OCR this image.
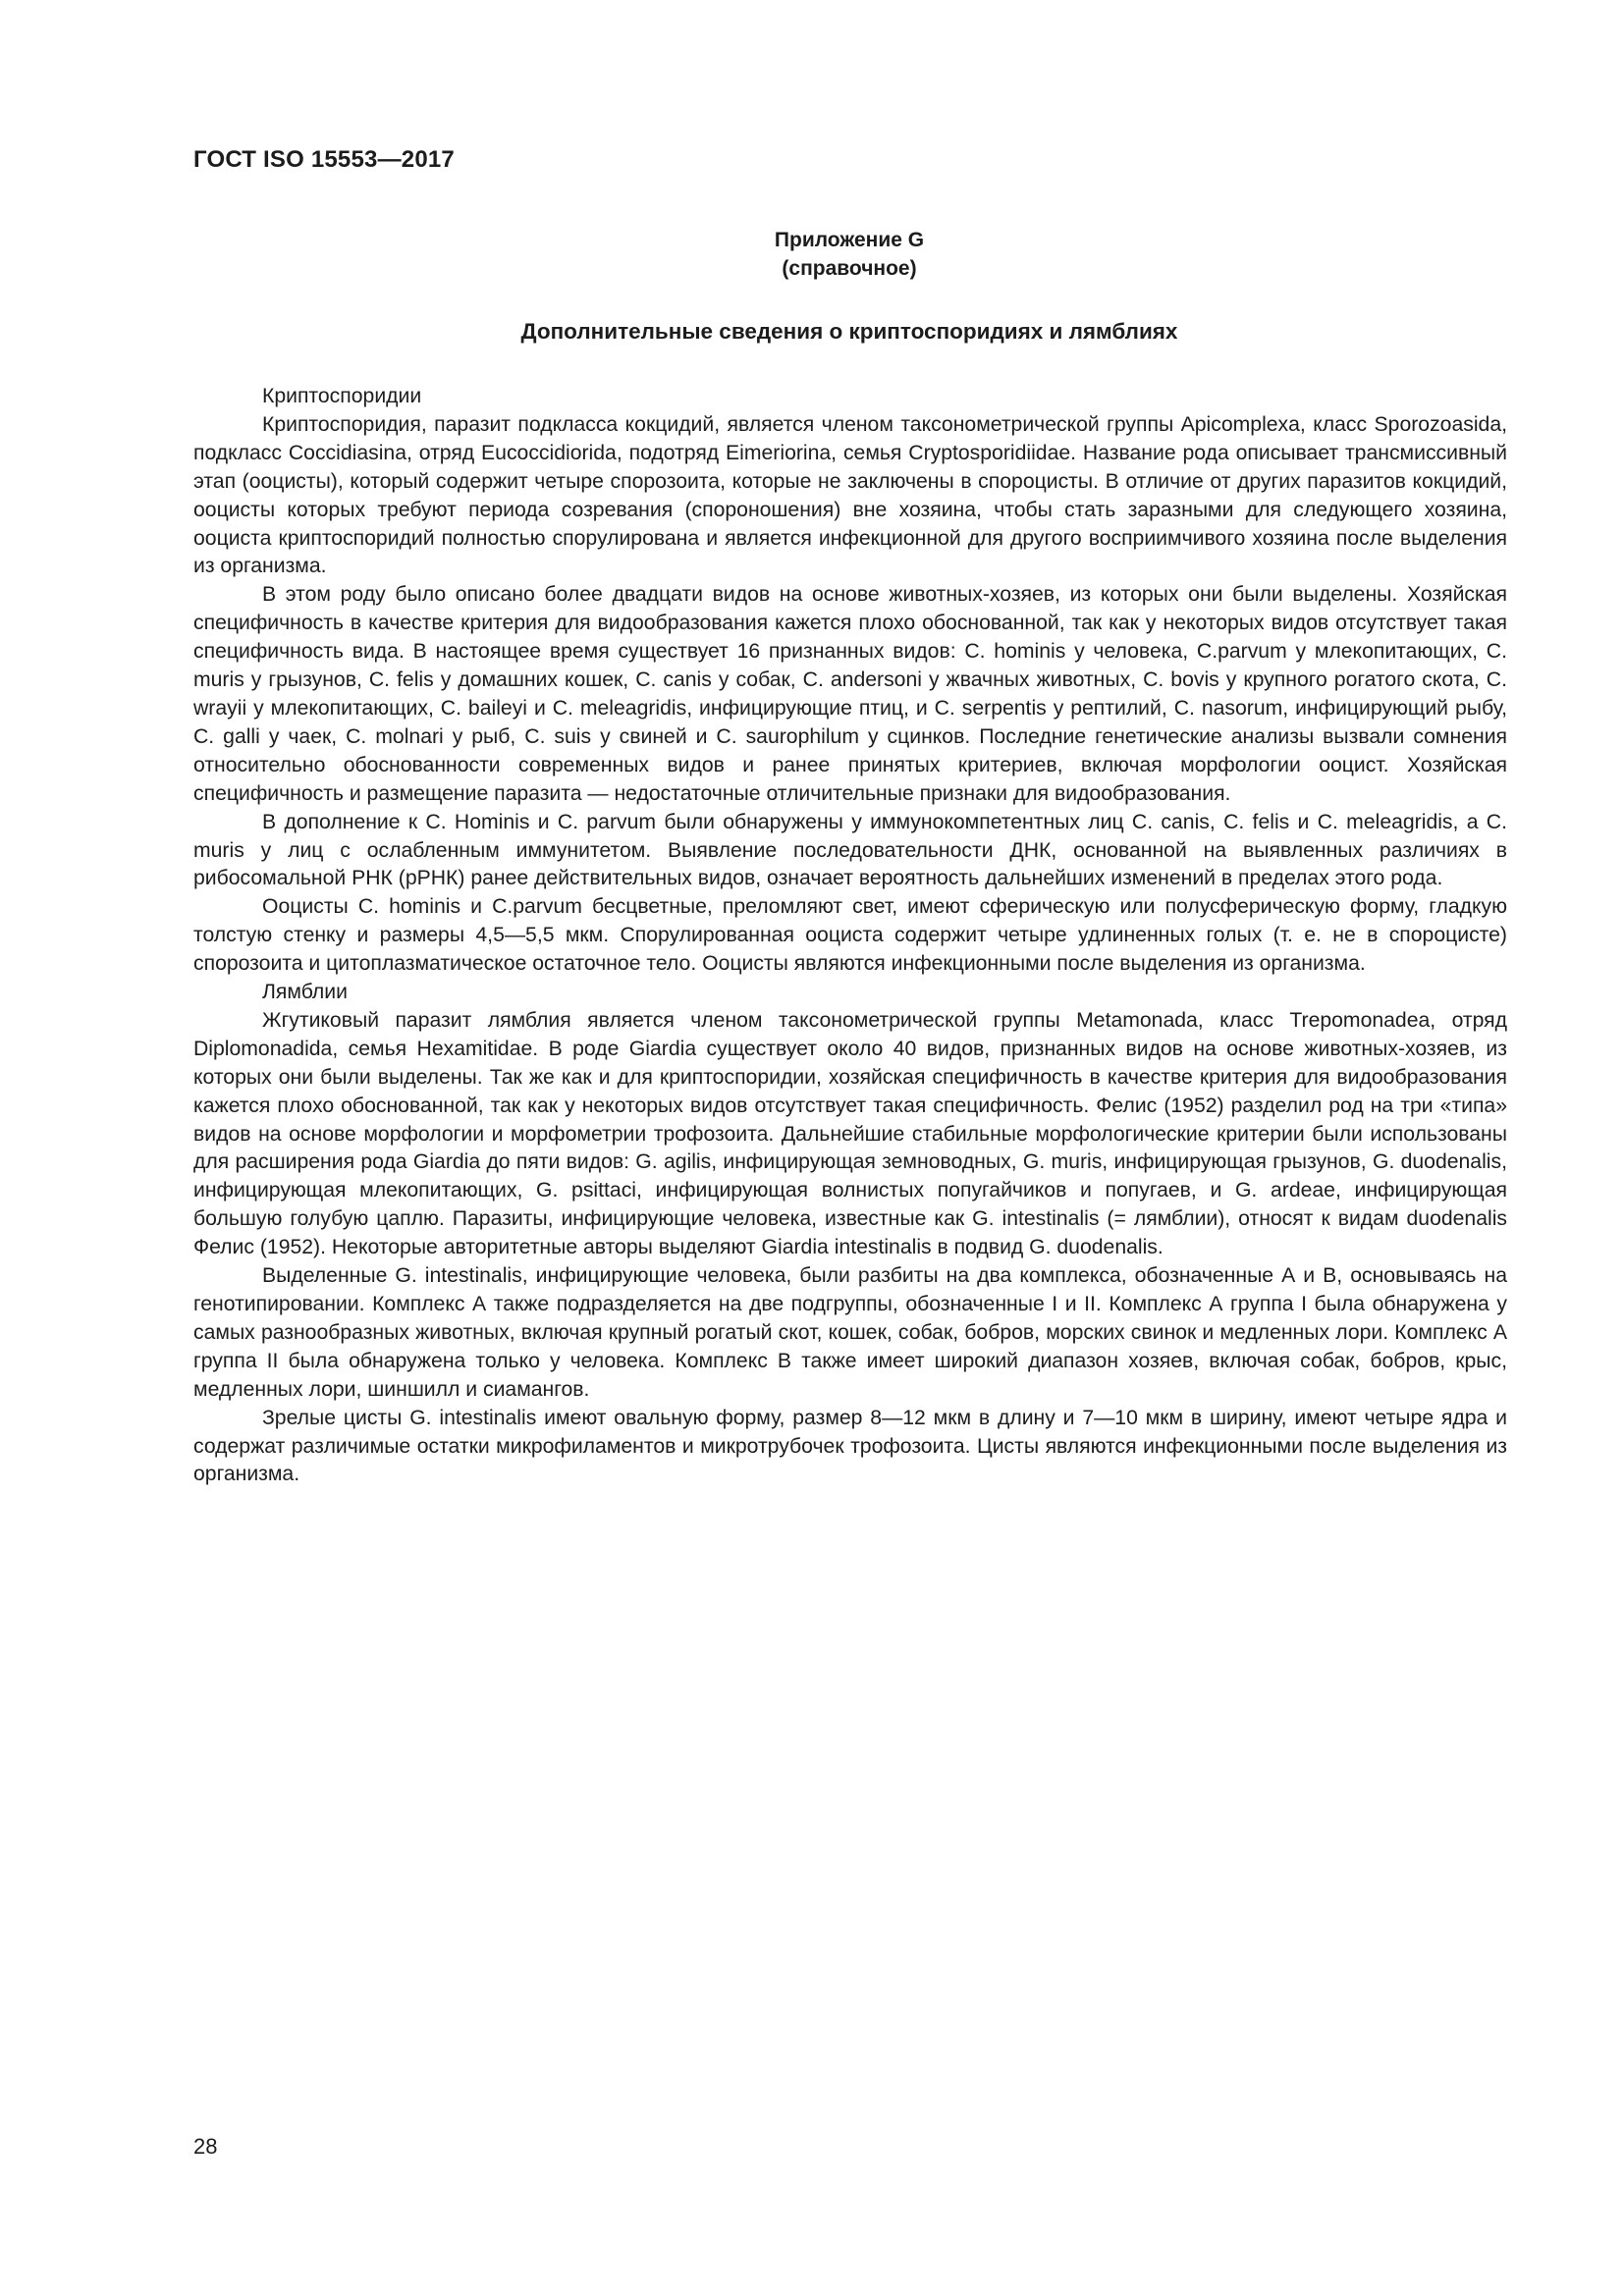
ГОСТ ISO 15553—2017
Приложение G
(справочное)
Дополнительные сведения о криптоспоридиях и лямблиях

Криптоспоридии

Криптоспоридия, паразит подкласса кокцидий, является членом таксонометрической группы Apicomplexa, класс Sporozoasida, подкласс Coccidiasina, отряд Eucoccidiorida, подотряд Eimeriorina, семья Cryptosporidiidae. Название рода описывает трансмиссивный этап (ооцисты), который содержит четыре спорозоита, которые не заключены в спороцисты. В отличие от других паразитов кокцидий, ооцисты которых требуют периода созревания (спороношения) вне хозяина, чтобы стать заразными для следующего хозяина, ооциста криптоспоридий полностью спорулирована и является инфекционной для другого восприимчивого хозяина после выделения из организма.

В этом роду было описано более двадцати видов на основе животных-хозяев, из которых они были выделены. Хозяйская специфичность в качестве критерия для видообразования кажется плохо обоснованной, так как у некоторых видов отсутствует такая специфичность вида. В настоящее время существует 16 признанных видов: C. hominis у человека, C.parvum у млекопитающих, C. muris у грызунов, C. felis у домашних кошек, C. canis у собак, C. andersoni у жвачных животных, C. bovis у крупного рогатого скота, C. wrayii у млекопитающих, C. baileyi и C. meleagridis, инфицирующие птиц, и C. serpentis у рептилий, C. nasorum, инфицирующий рыбу, C. galli у чаек, C. molnari у рыб, C. suis у свиней и C. saurophilum у сцинков. Последние генетические анализы вызвали сомнения относительно обоснованности современных видов и ранее принятых критериев, включая морфологии ооцист. Хозяйская специфичность и размещение паразита — недостаточные отличительные признаки для видообразования.

В дополнение к C. Hominis и C. parvum были обнаружены у иммунокомпетентных лиц C. canis, C. felis и C. meleagridis, а C. muris у лиц с ослабленным иммунитетом. Выявление последовательности ДНК, основанной на выявленных различиях в рибосомальной РНК (рРНК) ранее действительных видов, означает вероятность дальнейших изменений в пределах этого рода.

Ооцисты C. hominis и C.parvum бесцветные, преломляют свет, имеют сферическую или полусферическую форму, гладкую толстую стенку и размеры 4,5—5,5 мкм. Спорулированная ооциста содержит четыре удлиненных голых (т. е. не в спороцисте) спорозоита и цитоплазматическое остаточное тело. Ооцисты являются инфекционными после выделения из организма.

Лямблии

Жгутиковый паразит лямблия является членом таксонометрической группы Metamonada, класс Trepomonadea, отряд Diplomonadida, семья Hexamitidae. В роде Giardia существует около 40 видов, признанных видов на основе животных-хозяев, из которых они были выделены. Так же как и для криптоспоридии, хозяйская специфичность в качестве критерия для видообразования кажется плохо обоснованной, так как у некоторых видов отсутствует такая специфичность. Фелис (1952) разделил род на три «типа» видов на основе морфологии и морфометрии трофозоита. Дальнейшие стабильные морфологические критерии были использованы для расширения рода Giardia до пяти видов: G. agilis, инфицирующая земноводных, G. muris, инфицирующая грызунов, G. duodenalis, инфицирующая млекопитающих, G. psittaci, инфицирующая волнистых попугайчиков и попугаев, и G. ardeae, инфицирующая большую голубую цаплю. Паразиты, инфицирующие человека, известные как G. intestinalis (= лямблии), относят к видам duodenalis Фелис (1952). Некоторые авторитетные авторы выделяют Giardia intestinalis в подвид G. duodenalis.

Выделенные G. intestinalis, инфицирующие человека, были разбиты на два комплекса, обозначенные А и В, основываясь на генотипировании. Комплекс А также подразделяется на две подгруппы, обозначенные I и II. Комплекс А группа I была обнаружена у самых разнообразных животных, включая крупный рогатый скот, кошек, собак, бобров, морских свинок и медленных лори. Комплекс А группа II была обнаружена только у человека. Комплекс В также имеет широкий диапазон хозяев, включая собак, бобров, крыс, медленных лори, шиншилл и сиамангов.

Зрелые цисты G. intestinalis имеют овальную форму, размер 8—12 мкм в длину и 7—10 мкм в ширину, имеют четыре ядра и содержат различимые остатки микрофиламентов и микротрубочек трофозоита. Цисты являются инфекционными после выделения из организма.

28
